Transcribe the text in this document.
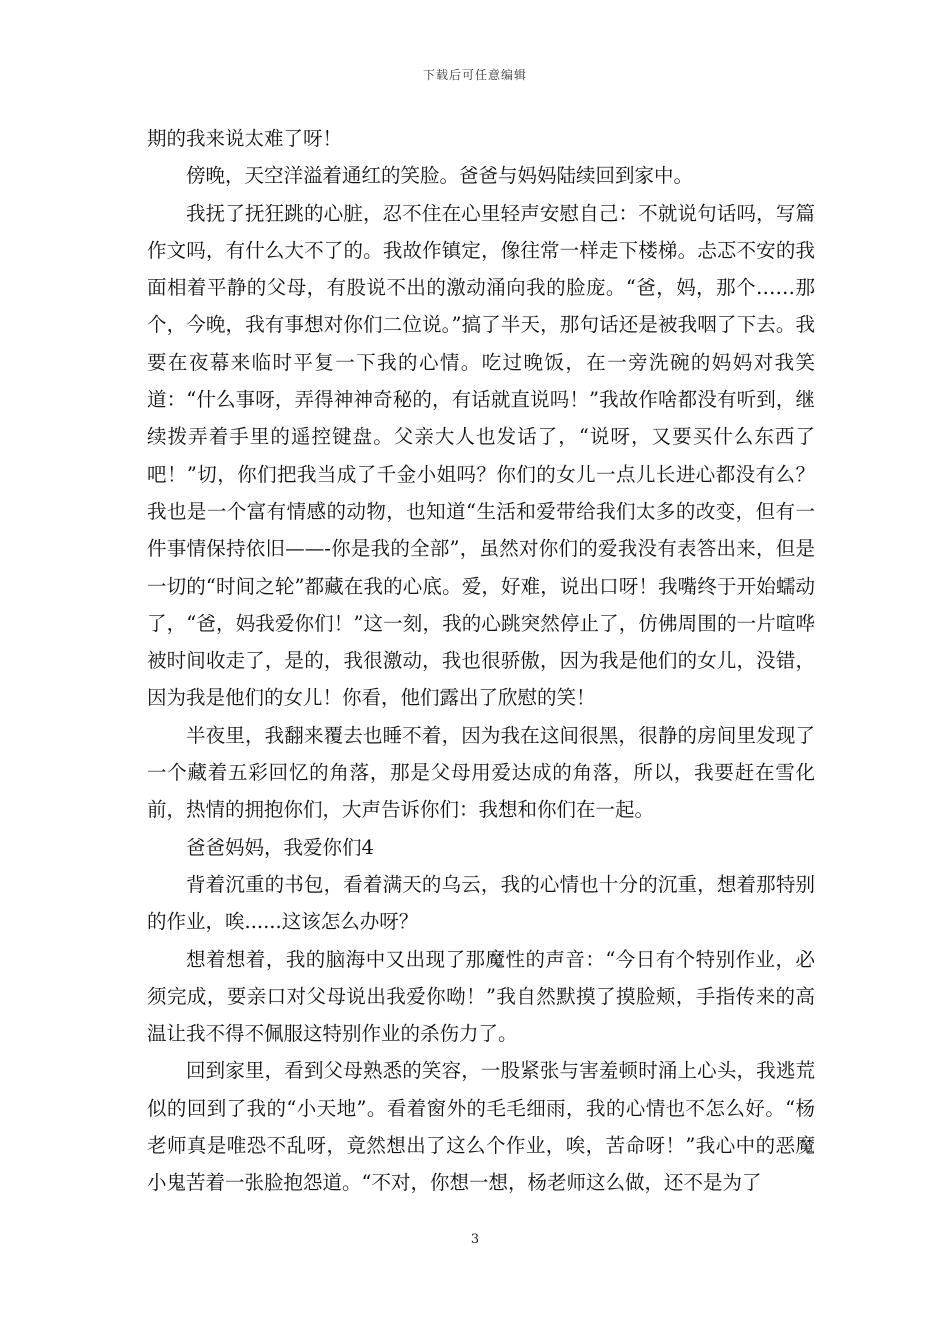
下载后可任意编辑

期的我来说太难了呀！

傍晚，天空洋溢着通红的笑脸。爸爸与妈妈陆续回到家中。

我抚了抚狂跳的心脏，忍不住在心里轻声安慰自己：不就说句话吗，写篇作文吗，有什么大不了的。我故作镇定，像往常一样走下楼梯。忐忑不安的我面相着平静的父母，有股说不出的激动涌向我的脸庞。“爸，妈，那个……那个，今晚，我有事想对你们二位说。”搞了半天，那句话还是被我咽了下去。我要在夜幕来临时平复一下我的心情。吃过晚饭，在一旁洗碗的妈妈对我笑道：“什么事呀，弄得神神奇秘的，有话就直说吗！”我故作啥都没有听到，继续拨弄着手里的遥控键盘。父亲大人也发话了，“说呀，又要买什么东西了吧！”切，你们把我当成了千金小姐吗？你们的女儿一点儿长进心都没有么？我也是一个富有情感的动物，也知道“生活和爱带给我们太多的改变，但有一件事情保持依旧——-你是我的全部”，虽然对你们的爱我没有表答出来，但是一切的“时间之轮”都藏在我的心底。爱，好难，说出口呀！我嘴终于开始蠕动了，“爸，妈我爱你们！”这一刻，我的心跳突然停止了，仿佛周围的一片喧哗被时间收走了，是的，我很激动，我也很骄傲，因为我是他们的女儿，没错，因为我是他们的女儿！你看，他们露出了欣慰的笑！

半夜里，我翻来覆去也睡不着，因为我在这间很黑，很静的房间里发现了一个藏着五彩回忆的角落，那是父母用爱达成的角落，所以，我要赶在雪化前，热情的拥抱你们，大声告诉你们：我想和你们在一起。

爸爸妈妈，我爱你们4

背着沉重的书包，看着满天的乌云，我的心情也十分的沉重，想着那特别的作业，唉......这该怎么办呀？

想着想着，我的脑海中又出现了那魔性的声音：“今日有个特别作业，必须完成，要亲口对父母说出我爱你呦！”我自然默摸了摸脸颊，手指传来的高温让我不得不佩服这特别作业的杀伤力了。

回到家里，看到父母熟悉的笑容，一股紧张与害羞顿时涌上心头，我逃荒似的回到了我的“小天地”。看着窗外的毛毛细雨，我的心情也不怎么好。“杨老师真是唯恐不乱呀，竟然想出了这么个作业，唉，苦命呀！”我心中的恶魔小鬼苦着一张脸抱怨道。“不对，你想一想，杨老师这么做，还不是为了

3
